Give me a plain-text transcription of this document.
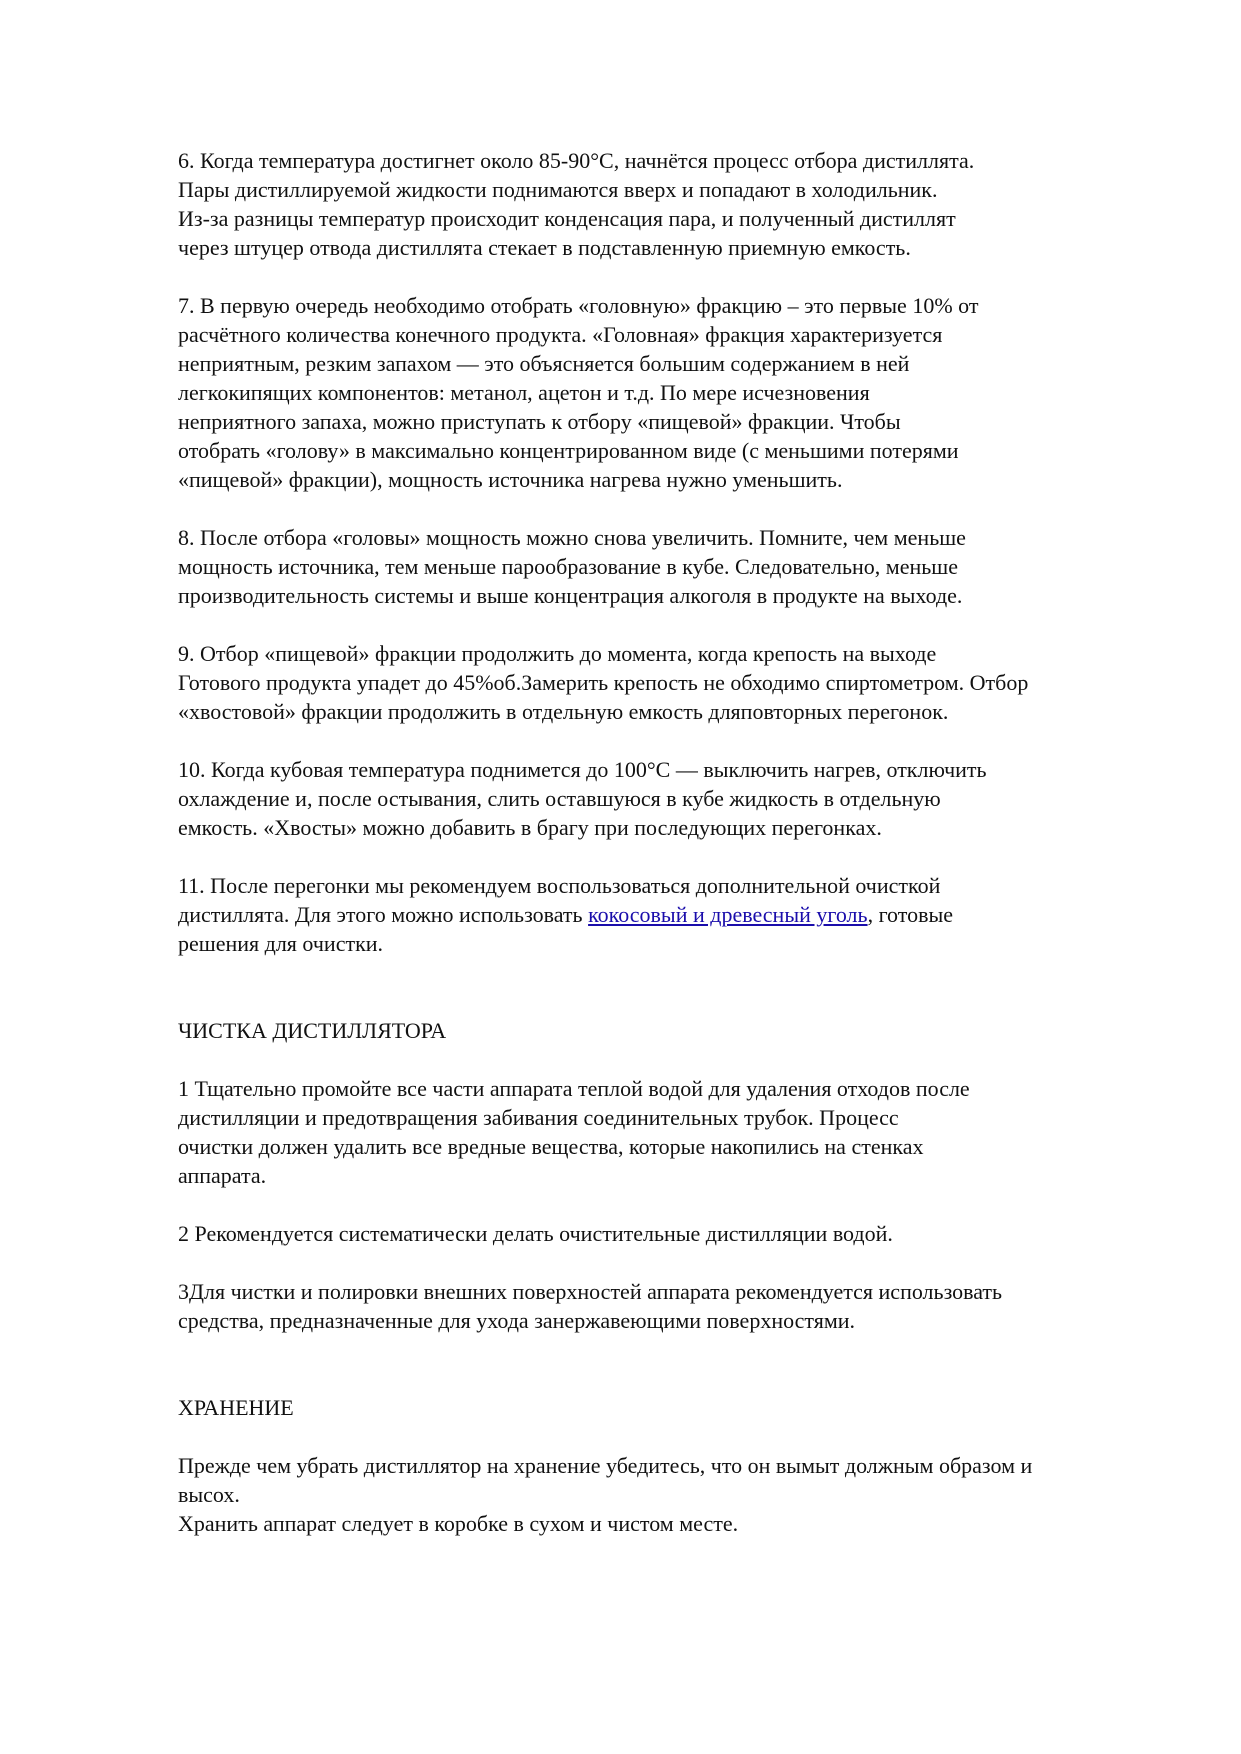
6. Когда температура достигнет около 85-90°С, начнётся процесс отбора дистиллята.
Пары дистиллируемой жидкости поднимаются вверх и попадают в холодильник.
Из-за разницы температур происходит конденсация пара, и полученный дистиллят
через штуцер отвода дистиллята стекает в подставленную приемную емкость.

7. В первую очередь необходимо отобрать «головную» фракцию – это первые 10% от
расчётного количества конечного продукта. «Головная» фракция характеризуется
неприятным, резким запахом — это объясняется большим содержанием в ней
легкокипящих компонентов: метанол, ацетон и т.д. По мере исчезновения
неприятного запаха, можно приступать к отбору «пищевой» фракции. Чтобы
отобрать «голову» в максимально концентрированном виде (с меньшими потерями
«пищевой» фракции), мощность источника нагрева нужно уменьшить.

8. После отбора «головы» мощность можно снова увеличить. Помните, чем меньше
мощность источника, тем меньше парообразование в кубе. Следовательно, меньше
производительность системы и выше концентрация алкоголя в продукте на выходе.

9. Отбор «пищевой» фракции продолжить до момента, когда крепость на выходе
Готового продукта упадет до 45%об.Замерить крепость не обходимо спиртометром. Отбор
«хвостовой» фракции продолжить в отдельную емкость дляповторных перегонок.

10. Когда кубовая температура поднимется до 100°С — выключить нагрев, отключить
охлаждение и, после остывания, слить оставшуюся в кубе жидкость в отдельную
емкость. «Хвосты» можно добавить в брагу при последующих перегонках.

11. После перегонки мы рекомендуем воспользоваться дополнительной очисткой
дистиллята. Для этого можно использовать кокосовый и древесный уголь, готовые
решения для очистки.

ЧИСТКА ДИСТИЛЛЯТОРА

1 Тщательно промойте все части аппарата теплой водой для удаления отходов после
дистилляции и предотвращения забивания соединительных трубок. Процесс
очистки должен удалить все вредные вещества, которые накопились на стенках
аппарата.

2 Рекомендуется систематически делать очистительные дистилляции водой.

3Для чистки и полировки внешних поверхностей аппарата рекомендуется использовать
средства, предназначенные для ухода занержавеющими поверхностями.

ХРАНЕНИЕ

Прежде чем убрать дистиллятор на хранение убедитесь, что он вымыт должным образом и
высох.
Хранить аппарат следует в коробке в сухом и чистом месте.
